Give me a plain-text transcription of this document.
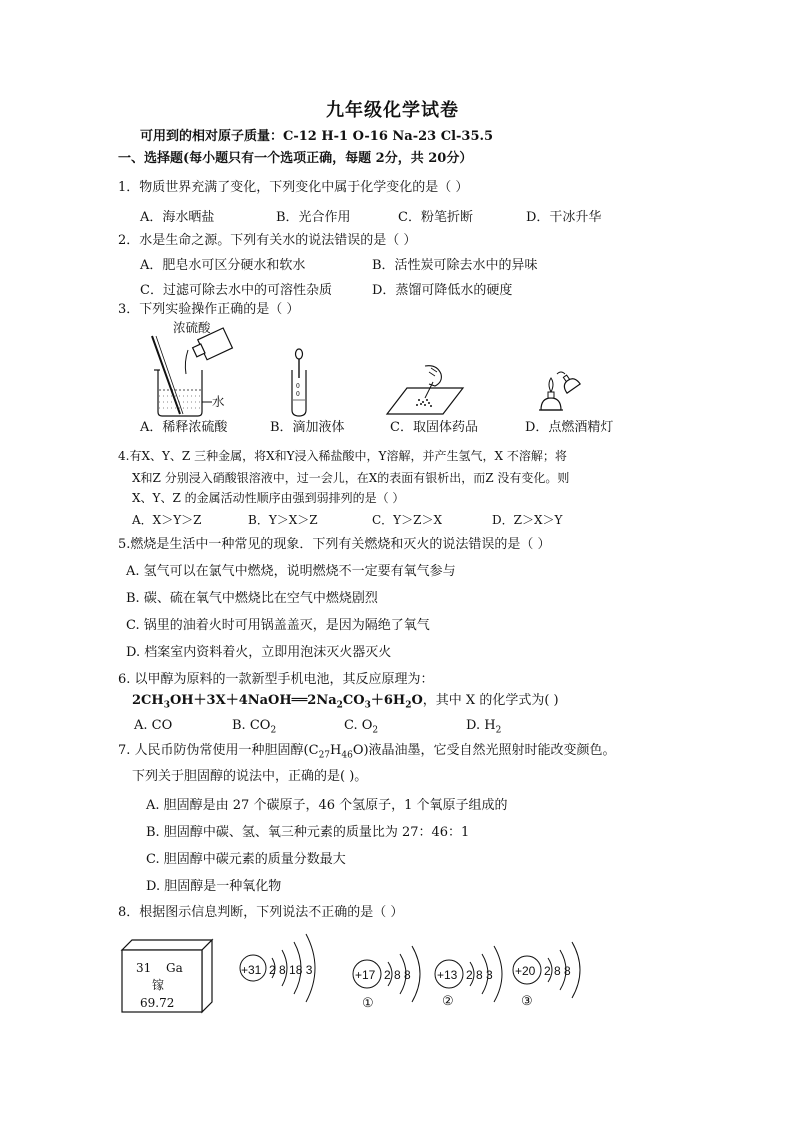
九年级化学试卷
可用到的相对原子质量：C-12 H-1 O-16 Na-23 Cl-35.5
一、选择题(每小题只有一个选项正确，每题 2分，共 20分）
1．物质世界充满了变化，下列变化中属于化学变化的是（ ）
A．海水晒盐	B．光合作用	C．粉笔折断	D．干冰升华
2．水是生命之源。下列有关水的说法错误的是（ ）
A．肥皂水可区分硬水和软水	B．活性炭可除去水中的异味
C．过滤可除去水中的可溶性杂质	D．蒸馏可降低水的硬度
3．下列实验操作正确的是（ ）
浓硫酸
水
0
0
A．稀释浓硫酸	B．滴加液体	C．取固体药品	D．点燃酒精灯
4.有X、Y、Z 三种金属，将X和Y浸入稀盐酸中，Y溶解，并产生氢气，X 不溶解；将
X和Z 分别浸入硝酸银溶液中，过一会儿，在X的表面有银析出，而Z 没有变化。则
X、Y、Z 的金属活动性顺序由强到弱排列的是（ ）
A．X＞Y＞Z	B．Y＞X＞Z	C．Y＞Z＞X	D．Z＞X＞Y
5.燃烧是生活中一种常见的现象．下列有关燃烧和灭火的说法错误的是（ ）
A. 氢气可以在氯气中燃烧，说明燃烧不一定要有氧气参与
B. 碳、硫在氧气中燃烧比在空气中燃烧剧烈
C. 锅里的油着火时可用锅盖盖灭，是因为隔绝了氧气
D. 档案室内资料着火，立即用泡沫灭火器灭火
6. 以甲醇为原料的一款新型手机电池，其反应原理为：
$2CH_3OH+3X+4NaOH══2Na_2CO_3+6H_2O$，其中 X 的化学式为( )
A. CO	B. $CO_2$	C. $O_2$	D. $H_2$
7. 人民币防伪常使用一种胆固醇$(C_{27}H_{46}O)$液晶油墨，它受自然光照射时能改变颜色。
下列关于胆固醇的说法中，正确的是( )。
A. 胆固醇是由 27 个碳原子，46 个氢原子，1 个氧原子组成的
B. 胆固醇中碳、氢、氧三种元素的质量比为 27：46：1
C. 胆固醇中碳元素的质量分数最大
D. 胆固醇是一种氧化物
8．根据图示信息判断，下列说法不正确的是（ ）
31 Ga
镓
69.72
+31 2 8 18 3	+17 2 8 8
①
+13 2 8 3
②
+20 2 8 8
③
